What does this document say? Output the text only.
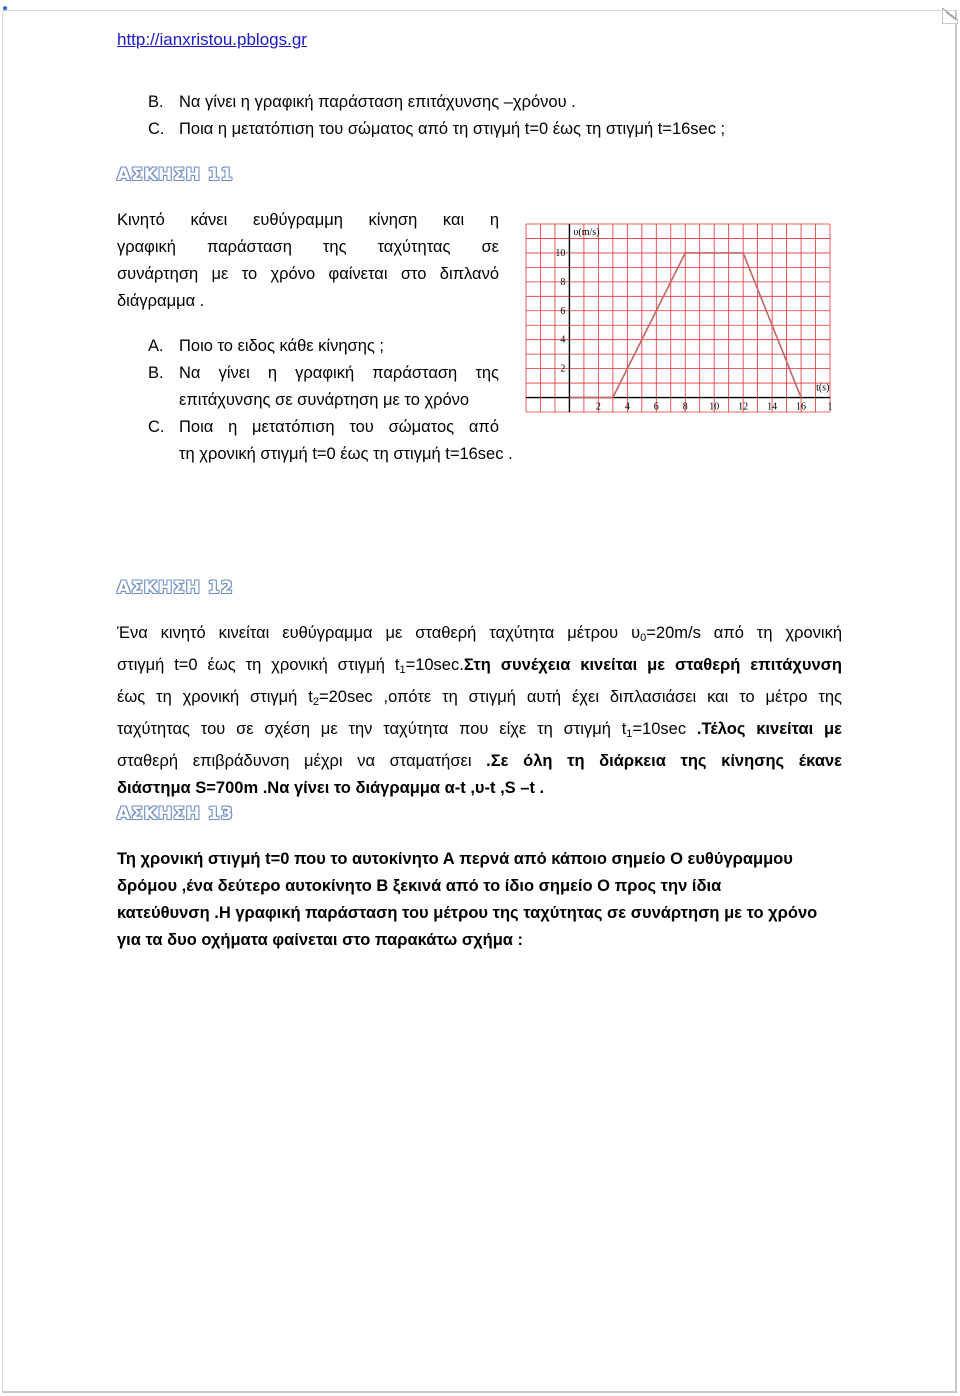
●
http://ianxristou.pblogs.gr
B. Να γίνει η γραφική παράσταση επιτάχυνσης –χρόνου .
C. Ποια η μετατόπιση του σώματος από τη στιγμή t=0 έως τη στιγμή t=16sec ;
ΑΣΚΗΣΗ 11
Κινητό κάνει ευθύγραμμη κίνηση και η
γραφική παράσταση της ταχύτητας σε
συνάρτηση με το χρόνο φαίνεται στο διπλανό
διάγραμμα .
A. Ποιο το ειδος κάθε κίνησης ;
B. Να γίνει η γραφική παράσταση της
επιτάχυνσης σε συνάρτηση με το χρόνο
C. Ποια η μετατόπιση του σώματος από
τη χρονική στιγμή t=0 έως τη στιγμή t=16sec .
2 4 6 8 10 12 14 16 1
10
8
6
4
2
υ(m/s)
t(s)
ΑΣΚΗΣΗ 12
Ένα κινητό κινείται ευθύγραμμα με σταθερή ταχύτητα μέτρου $\upsilon_0=20m/s$ από τη χρονική
στιγμή t=0 έως τη χρονική στιγμή $t_1=10\sec.\Sigma\tau\eta$ συνέχεια κινείται με σταθερή επιτάχυνση
έως τη χρονική στιγμή $t_2=20\sec$ ,οπότε τη στιγμή αυτή έχει διπλασιάσει και το μέτρο της
ταχύτητας του σε σχέση με την ταχύτητα που είχε τη στιγμή $t_1=10\sec$ .Τέλος κινείται με
σταθερή επιβράδυνση μέχρι να σταματήσει .Σε όλη τη διάρκεια της κίνησης έκανε
διάστημα S=700m .Να γίνει το διάγραμμα α-t ,υ-t ,S –t .
ΑΣΚΗΣΗ 13
Τη χρονική στιγμή t=0 που το αυτοκίνητο Α περνά από κάποιο σημείο Ο ευθύγραμμου
δρόμου ,ένα δεύτερο αυτοκίνητο Β ξεκινά από το ίδιο σημείο Ο προς την ίδια
κατεύθυνση .Η γραφική παράσταση του μέτρου της ταχύτητας σε συνάρτηση με το χρόνο
για τα δυο οχήματα φαίνεται στο παρακάτω σχήμα :
